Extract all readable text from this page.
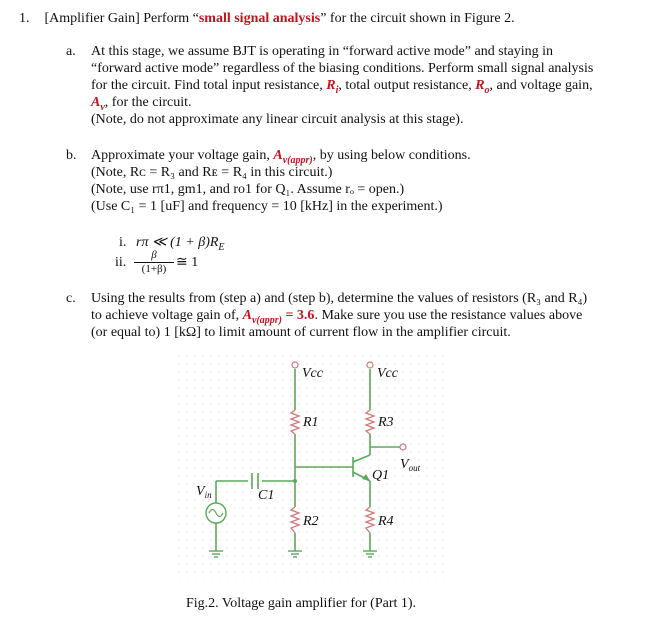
1. [Amplifier Gain] Perform “small signal analysis” for the circuit shown in Figure 2.
a. At this stage, we assume BJT is operating in “forward active mode” and staying in
“forward active mode” regardless of the biasing conditions. Perform small signal analysis
for the circuit. Find total input resistance, $R_i$, total output resistance, $R_o$, and voltage gain,
$A_v$, for the circuit.
(Note, do not approximate any linear circuit analysis at this stage).
b. Approximate your voltage gain, $A_{v(appr)}$, by using below conditions.
(Note, Rᴄ = R₃ and Rᴇ = R₄ in this circuit.)
(Note, use rπ1, gm1, and ro1 for Q₁. Assume rₒ = open.)
(Use C₁ = 1 [uF] and frequency = 10 [kHz] in the experiment.)
i. rπ ≪ $(1 + \beta)R_E$
ii. $\frac{\beta}{(1+\beta)}$ ≅ 1
c. Using the results from (step a) and (step b), determine the values of resistors (R₃ and R₄)
to achieve voltage gain of, $A_{v(appr)} = 3.6$. Make sure you use the resistance values above
(or equal to) 1 [kΩ] to limit amount of current flow in the amplifier circuit.
Vcc	Vcc
R1
R2
R3
R4
C1
Q1
$V_{out}$
$V_{in}$
Fig.2. Voltage gain amplifier for (Part 1).
